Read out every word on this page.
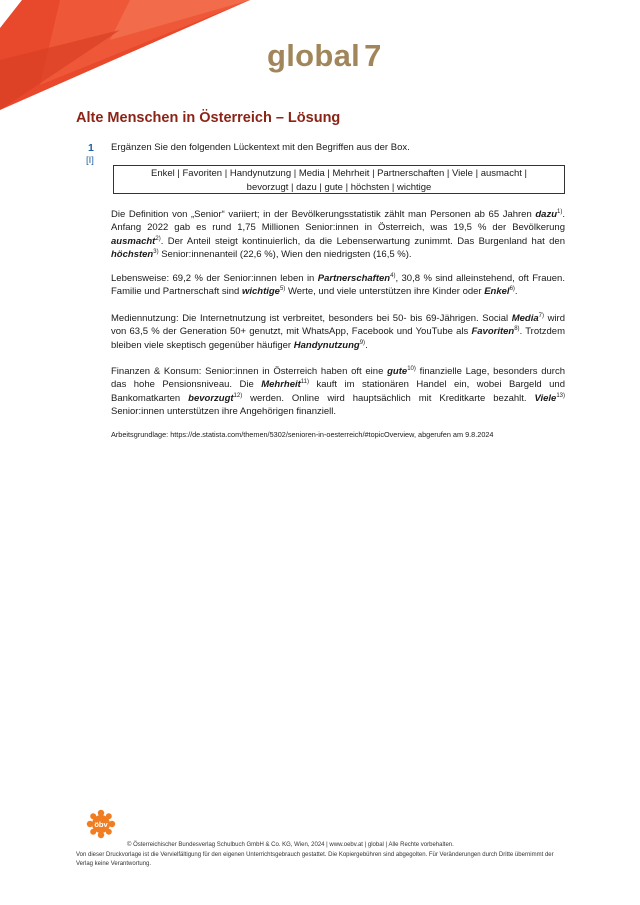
global 7
Alte Menschen in Österreich – Lösung
1
[I]
Ergänzen Sie den folgenden Lückentext mit den Begriffen aus der Box.
Enkel | Favoriten | Handynutzung | Media | Mehrheit | Partnerschaften | Viele | ausmacht |
bevorzugt | dazu | gute | höchsten | wichtige
Die Definition von „Senior“ variiert; in der Bevölkerungsstatistik zählt man Personen ab 65 Jahren dazu$^{1)}$. Anfang 2022 gab es rund 1,75 Millionen Senior:innen in Österreich, was 19,5 % der Bevölkerung ausmacht$^{2)}$. Der Anteil steigt kontinuierlich, da die Lebenserwartung zunimmt. Das Burgenland hat den höchsten$^{3)}$ Senior:innenanteil (22,6 %), Wien den niedrigsten (16,5 %).
Lebensweise: 69,2 % der Senior:innen leben in Partnerschaften$^{4)}$, 30,8 % sind alleinstehend, oft Frauen. Familie und Partnerschaft sind wichtige$^{5)}$ Werte, und viele unterstützen ihre Kinder oder Enkel$^{6)}$.
Mediennutzung: Die Internetnutzung ist verbreitet, besonders bei 50- bis 69-Jährigen. Social Media$^{7)}$ wird von 63,5 % der Generation 50+ genutzt, mit WhatsApp, Facebook und YouTube als Favoriten$^{8)}$. Trotzdem bleiben viele skeptisch gegenüber häufiger Handynutzung$^{9)}$.
Finanzen & Konsum: Senior:innen in Österreich haben oft eine gute$^{10)}$ finanzielle Lage, besonders durch das hohe Pensionsniveau. Die Mehrheit$^{11)}$ kauft im stationären Handel ein, wobei Bargeld und Bankomatkarten bevorzugt$^{12)}$ werden. Online wird hauptsächlich mit Kreditkarte bezahlt. Viele$^{13)}$ Senior:innen unterstützen ihre Angehörigen finanziell.
Arbeitsgrundlage: https://de.statista.com/themen/5302/senioren-in-oesterreich/#topicOverview, abgerufen am 9.8.2024
öbv
© Österreichischer Bundesverlag Schulbuch GmbH & Co. KG, Wien, 2024 | www.oebv.at | global | Alle Rechte vorbehalten.
Von dieser Druckvorlage ist die Vervielfältigung für den eigenen Unterrichtsgebrauch gestattet. Die Kopiergebühren sind abgegolten. Für Veränderungen durch Dritte übernimmt der Verlag keine Verantwortung.
